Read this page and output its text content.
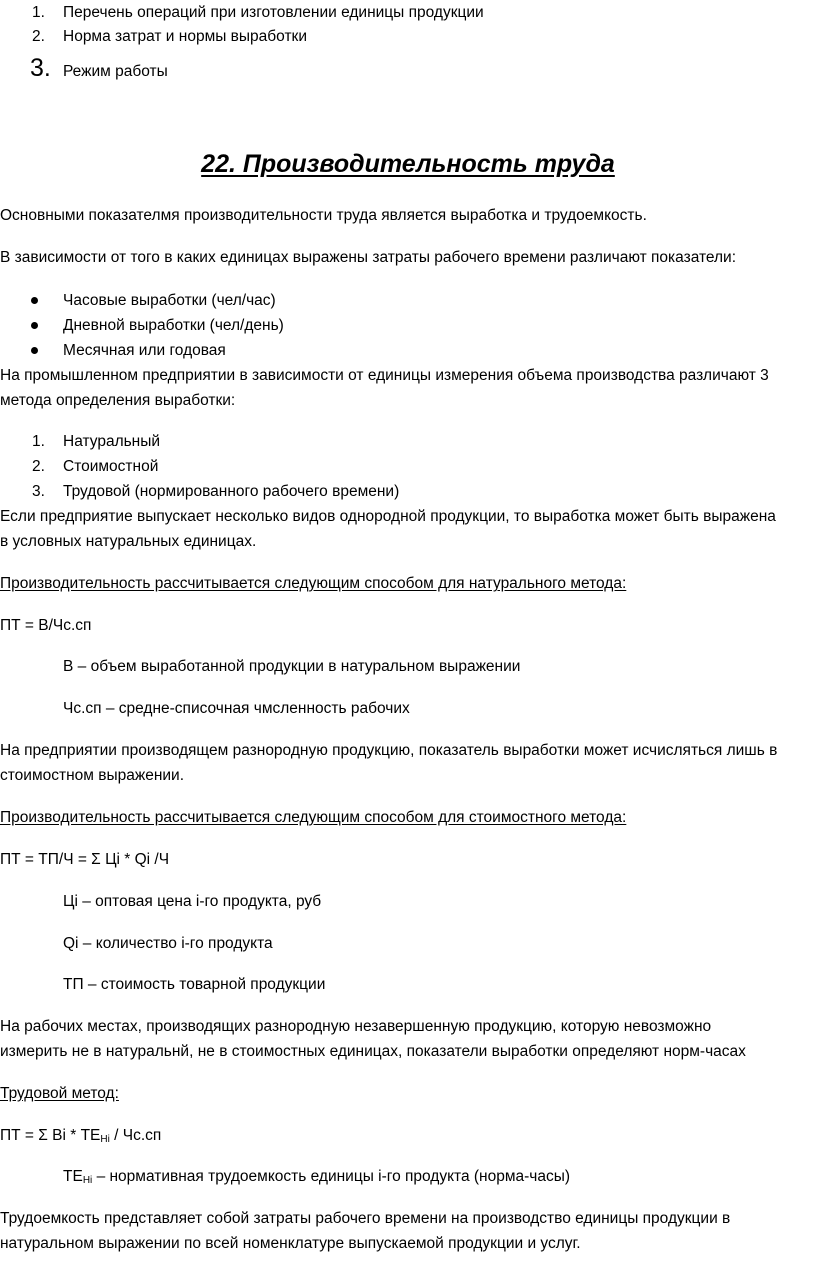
1. Перечень операций при изготовлении единицы продукции
2. Норма затрат и нормы выработки
3. Режим работы
22. Производительность труда
Основными показателмя производительности труда является выработка и трудоемкость.
В зависимости от того в каких единицах выражены затраты рабочего времени различают показатели:
Часовые выработки (чел/час)
Дневной выработки (чел/день)
Месячная или годовая
На промышленном предприятии в зависимости от единицы измерения объема производства различают 3
метода определения выработки:
1. Натуральный
2. Стоимостной
3. Трудовой (нормированного рабочего времени)
Если предприятие выпускает несколько видов однородной продукции, то выработка может быть выражена
в условных натуральных единицах.
Производительность рассчитывается следующим способом для натурального метода:
ПТ = В/Чс.сп
В – объем выработанной продукции в натуральном выражении
Чс.сп – средне-списочная чмсленность рабочих
На предприятии производящем разнородную продукцию, показатель выработки может исчисляться лишь в
стоимостном выражении.
Производительность рассчитывается следующим способом для стоимостного метода:
ПТ = ТП/Ч = Σ Цi * Qi /Ч
Цi – оптовая цена i-го продукта, руб
Qi – количество i-го продукта
ТП – стоимость товарной продукции
На рабочих местах, производящих разнородную незавершенную продукцию, которую невозможно
измерить не в натуральнй, не в стоимостных единицах, показатели выработки определяют норм-часах
Трудовой метод:
ПТ = Σ Вi * $ТЕ_{Нi} / Чс.сп$
$ТЕ_{Нi}$ – нормативная трудоемкость единицы i-го продукта (норма-часы)
Трудоемкость представляет собой затраты рабочего времени на производство единицы продукции в
натуральном выражении по всей номенклатуре выпускаемой продукции и услуг.
